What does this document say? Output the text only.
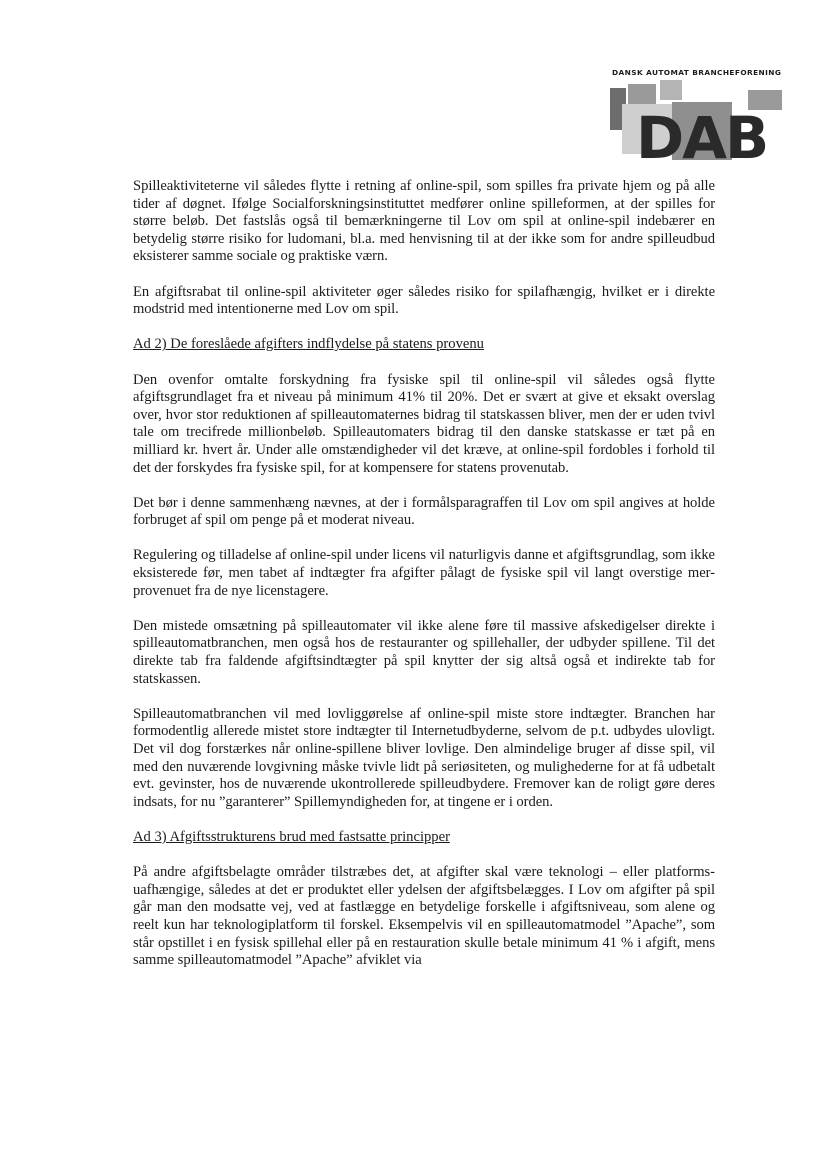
DANSK AUTOMAT BRANCHEFORENING
DAB

Spilleaktiviteterne vil således flytte i retning af online-spil, som spilles fra private hjem og på alle tider af døgnet. Ifølge Socialforskningsinstituttet medfører online spilleformen, at der spilles for større beløb. Det fastslås også til bemærkningerne til Lov om spil at online-spil indebærer en betydelig større risiko for ludomani, bl.a. med henvisning til at der ikke som for andre spilleudbud eksisterer samme sociale og praktiske værn.

En afgiftsrabat til online-spil aktiviteter øger således risiko for spilafhængig, hvilket er i direkte modstrid med intentionerne med Lov om spil.

Ad 2) De foreslåede afgifters indflydelse på statens provenu

Den ovenfor omtalte forskydning fra fysiske spil til online-spil vil således også flytte afgiftsgrundlaget fra et niveau på minimum 41% til 20%. Det er svært at give et eksakt overslag over, hvor stor reduktionen af spilleautomaternes bidrag til statskassen bliver, men der er uden tvivl tale om trecifrede millionbeløb. Spilleautomaters bidrag til den danske statskasse er tæt på en milliard kr. hvert år. Under alle omstændigheder vil det kræve, at online-spil fordobles i forhold til det der forskydes fra fysiske spil, for at kompensere for statens provenutab.

Det bør i denne sammenhæng nævnes, at der i formålsparagraffen til Lov om spil angives at holde forbruget af spil om penge på et moderat niveau.

Regulering og tilladelse af online-spil under licens vil naturligvis danne et afgiftsgrundlag, som ikke eksisterede før, men tabet af indtægter fra afgifter pålagt de fysiske spil vil langt overstige mer-provenuet fra de nye licenstagere.

Den mistede omsætning på spilleautomater vil ikke alene føre til massive afskedigelser direkte i spilleautomatbranchen, men også hos de restauranter og spillehaller, der udbyder spillene. Til det direkte tab fra faldende afgiftsindtægter på spil knytter der sig altså også et indirekte tab for statskassen.

Spilleautomatbranchen vil med lovliggørelse af online-spil miste store indtægter. Branchen har formodentlig allerede mistet store indtægter til Internetudbyderne, selvom de p.t. udbydes ulovligt. Det vil dog forstærkes når online-spillene bliver lovlige. Den almindelige bruger af disse spil, vil med den nuværende lovgivning måske tvivle lidt på seriøsiteten, og mulighederne for at få udbetalt evt. gevinster, hos de nuværende ukontrollerede spilleudbydere. Fremover kan de roligt gøre deres indsats, for nu ”garanterer” Spillemyndigheden for, at tingene er i orden.

Ad 3) Afgiftsstrukturens brud med fastsatte principper

På andre afgiftsbelagte områder tilstræbes det, at afgifter skal være teknologi – eller platforms-uafhængige, således at det er produktet eller ydelsen der afgiftsbelægges. I Lov om afgifter på spil går man den modsatte vej, ved at fastlægge en betydelige forskelle i afgiftsniveau, som alene og reelt kun har teknologiplatform til forskel. Eksempelvis vil en spilleautomatmodel ”Apache”, som står opstillet i en fysisk spillehal eller på en restauration skulle betale minimum 41 % i afgift, mens samme spilleautomatmodel ”Apache” afviklet via
